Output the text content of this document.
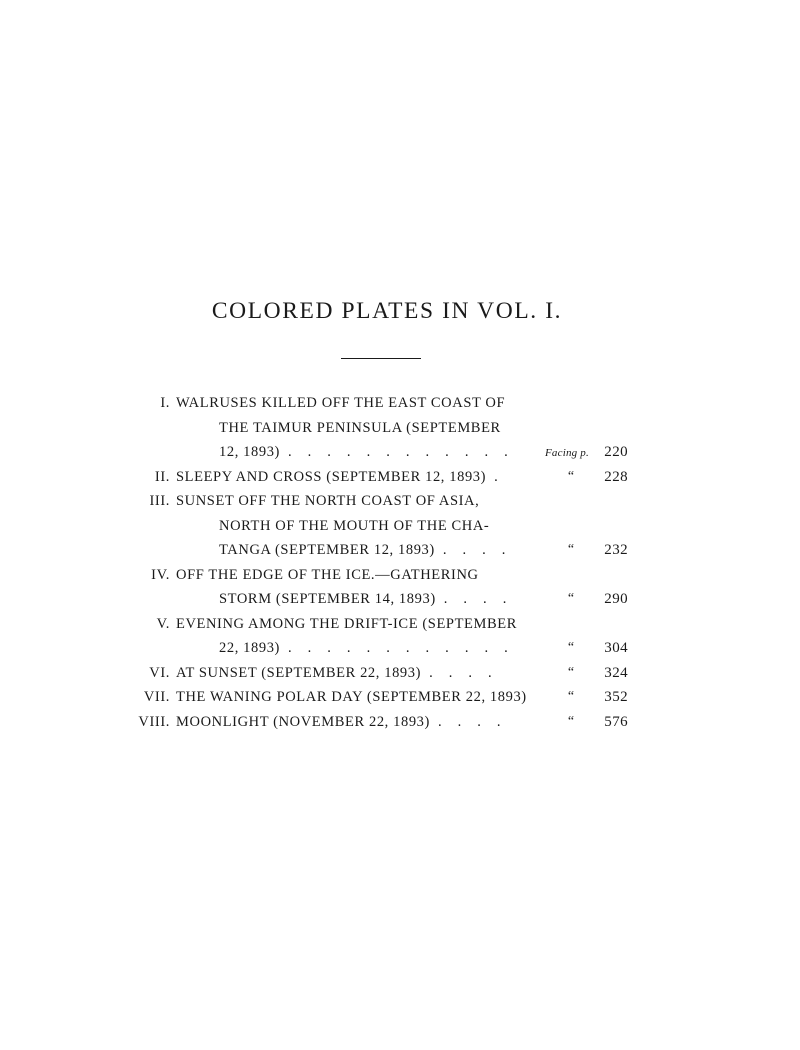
COLORED PLATES IN VOL. I.
I. WALRUSES KILLED OFF THE EAST COAST OF
THE TAIMUR PENINSULA (SEPTEMBER
12, 1893) . . . . . . . . . . . .	Facing p.	220
II. SLEEPY AND CROSS (SEPTEMBER 12, 1893) .	“	228
III. SUNSET OFF THE NORTH COAST OF ASIA,
NORTH OF THE MOUTH OF THE CHA-
TANGA (SEPTEMBER 12, 1893) . . . .	“	232
IV. OFF THE EDGE OF THE ICE.—GATHERING
STORM (SEPTEMBER 14, 1893) . . . .	“	290
V. EVENING AMONG THE DRIFT-ICE (SEPTEMBER
22, 1893) . . . . . . . . . . . .	“	304
VI. AT SUNSET (SEPTEMBER 22, 1893) . . . .	“	324
VII. THE WANING POLAR DAY (SEPTEMBER 22, 1893)	“	352
VIII. MOONLIGHT (NOVEMBER 22, 1893) . . . .	“	576
